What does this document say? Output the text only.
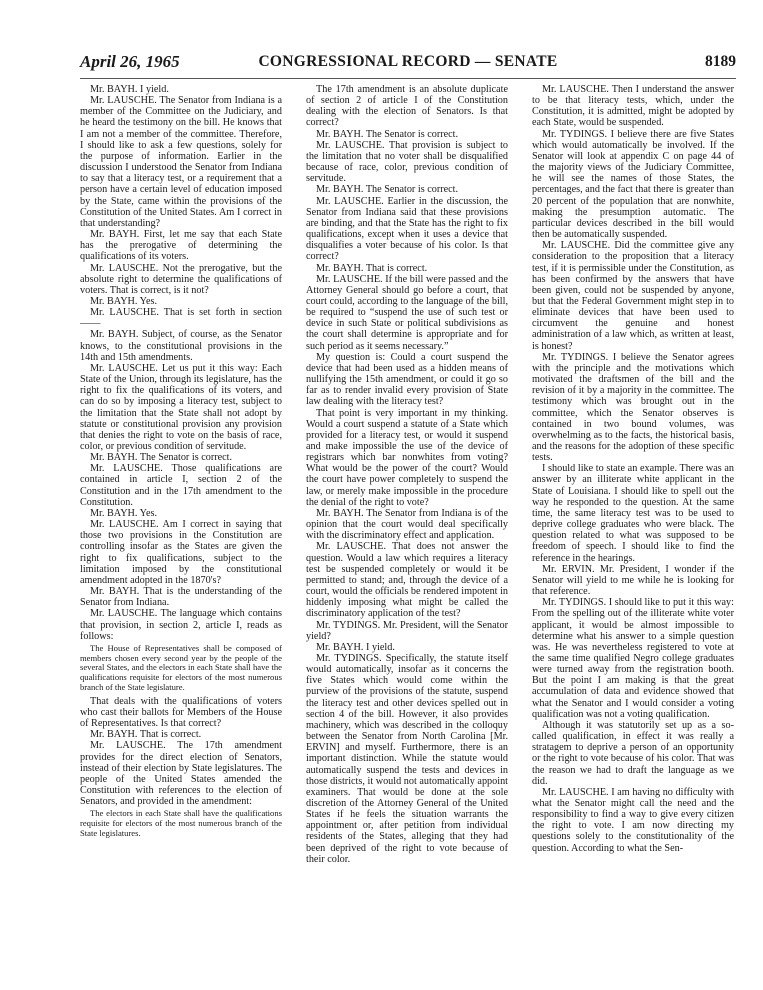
April 26, 1965	CONGRESSIONAL RECORD — SENATE	8189

Mr. BAYH. I yield.

Mr. LAUSCHE. The Senator from Indiana is a member of the Committee on the Judiciary, and he heard the testimony on the bill. He knows that I am not a member of the committee. Therefore, I should like to ask a few questions, solely for the purpose of information. Earlier in the discussion I understood the Senator from Indiana to say that a literacy test, or a requirement that a person have a certain level of education imposed by the State, came within the provisions of the Constitution of the United States. Am I correct in that understanding?

Mr. BAYH. First, let me say that each State has the prerogative of determining the qualifications of its voters.

Mr. LAUSCHE. Not the prerogative, but the absolute right to determine the qualifications of voters. That is correct, is it not?

Mr. BAYH. Yes.

Mr. LAUSCHE. That is set forth in section——

Mr. BAYH. Subject, of course, as the Senator knows, to the constitutional provisions in the 14th and 15th amendments.

Mr. LAUSCHE. Let us put it this way: Each State of the Union, through its legislature, has the right to fix the qualifications of its voters, and can do so by imposing a literacy test, subject to the limitation that the State shall not adopt by statute or constitutional provision any provision that denies the right to vote on the basis of race, color, or previous condition of servitude.

Mr. BAYH. The Senator is correct.

Mr. LAUSCHE. Those qualifications are contained in article I, section 2 of the Constitution and in the 17th amendment to the Constitution.

Mr. BAYH. Yes.

Mr. LAUSCHE. Am I correct in saying that those two provisions in the Constitution are controlling insofar as the States are given the right to fix qualifications, subject to the limitation imposed by the constitutional amendment adopted in the 1870's?

Mr. BAYH. That is the understanding of the Senator from Indiana.

Mr. LAUSCHE. The language which contains that provision, in section 2, article I, reads as follows:

The House of Representatives shall be composed of members chosen every second year by the people of the several States, and the electors in each State shall have the qualifications requisite for electors of the most numerous branch of the State legislature.

That deals with the qualifications of voters who cast their ballots for Members of the House of Representatives. Is that correct?

Mr. BAYH. That is correct.

Mr. LAUSCHE. The 17th amendment provides for the direct election of Senators, instead of their election by State legislatures. The people of the United States amended the Constitution with references to the election of Senators, and provided in the amendment:

The electors in each State shall have the qualifications requisite for electors of the most numerous branch of the State legislatures.

The 17th amendment is an absolute duplicate of section 2 of article I of the Constitution dealing with the election of Senators. Is that correct?

Mr. BAYH. The Senator is correct.

Mr. LAUSCHE. That provision is subject to the limitation that no voter shall be disqualified because of race, color, previous condition of servitude.

Mr. BAYH. The Senator is correct.

Mr. LAUSCHE. Earlier in the discussion, the Senator from Indiana said that these provisions are binding, and that the State has the right to fix qualifications, except when it uses a device that disqualifies a voter because of his color. Is that correct?

Mr. BAYH. That is correct.

Mr. LAUSCHE. If the bill were passed and the Attorney General should go before a court, that court could, according to the language of the bill, be required to “suspend the use of such test or device in such State or political subdivisions as the court shall determine is appropriate and for such period as it seems necessary.”

My question is: Could a court suspend the device that had been used as a hidden means of nullifying the 15th amendment, or could it go so far as to render invalid every provision of State law dealing with the literacy test?

That point is very important in my thinking. Would a court suspend a statute of a State which provided for a literacy test, or would it suspend and make impossible the use of the device of registrars which bar nonwhites from voting? What would be the power of the court? Would the court have power completely to suspend the law, or merely make impossible in the procedure the denial of the right to vote?

Mr. BAYH. The Senator from Indiana is of the opinion that the court would deal specifically with the discriminatory effect and application.

Mr. LAUSCHE. That does not answer the question. Would a law which requires a literacy test be suspended completely or would it be permitted to stand; and, through the device of a court, would the officials be rendered impotent in hiddenly imposing what might be called the discriminatory application of the test?

Mr. TYDINGS. Mr. President, will the Senator yield?

Mr. BAYH. I yield.

Mr. TYDINGS. Specifically, the statute itself would automatically, insofar as it concerns the five States which would come within the purview of the provisions of the statute, suspend the literacy test and other devices spelled out in section 4 of the bill. However, it also provides machinery, which was described in the colloquy between the Senator from North Carolina [Mr. ERVIN] and myself. Furthermore, there is an important distinction. While the statute would automatically suspend the tests and devices in those districts, it would not automatically appoint examiners. That would be done at the sole discretion of the Attorney General of the United States if he feels the situation warrants the appointment or, after petition from individual residents of the States, alleging that they had been deprived of the right to vote because of their color.

Mr. LAUSCHE. Then I understand the answer to be that literacy tests, which, under the Constitution, it is admitted, might be adopted by each State, would be suspended.

Mr. TYDINGS. I believe there are five States which would automatically be involved. If the Senator will look at appendix C on page 44 of the majority views of the Judiciary Committee, he will see the names of those States, the percentages, and the fact that there is greater than 20 percent of the population that are nonwhite, making the presumption automatic. The particular devices described in the bill would then be automatically suspended.

Mr. LAUSCHE. Did the committee give any consideration to the proposition that a literacy test, if it is permissible under the Constitution, as has been confirmed by the answers that have been given, could not be suspended by anyone, but that the Federal Government might step in to eliminate devices that have been used to circumvent the genuine and honest administration of a law which, as written at least, is honest?

Mr. TYDINGS. I believe the Senator agrees with the principle and the motivations which motivated the draftsmen of the bill and the revision of it by a majority in the committee. The testimony which was brought out in the committee, which the Senator observes is contained in two bound volumes, was overwhelming as to the facts, the historical basis, and the reasons for the adoption of these specific tests.

I should like to state an example. There was an answer by an illiterate white applicant in the State of Louisiana. I should like to spell out the way he responded to the question. At the same time, the same literacy test was to be used to deprive college graduates who were black. The question related to what was supposed to be freedom of speech. I should like to find the reference in the hearings.

Mr. ERVIN. Mr. President, I wonder if the Senator will yield to me while he is looking for that reference.

Mr. TYDINGS. I should like to put it this way: From the spelling out of the illiterate white voter applicant, it would be almost impossible to determine what his answer to a simple question was. He was nevertheless registered to vote at the same time qualified Negro college graduates were turned away from the registration booth. But the point I am making is that the great accumulation of data and evidence showed that what the Senator and I would consider a voting qualification was not a voting qualification.

Although it was statutorily set up as a so-called qualification, in effect it was really a stratagem to deprive a person of an opportunity or the right to vote because of his color. That was the reason we had to draft the language as we did.

Mr. LAUSCHE. I am having no difficulty with what the Senator might call the need and the responsibility to find a way to give every citizen the right to vote. I am now directing my questions solely to the constitutionality of the question. According to what the Sen-
